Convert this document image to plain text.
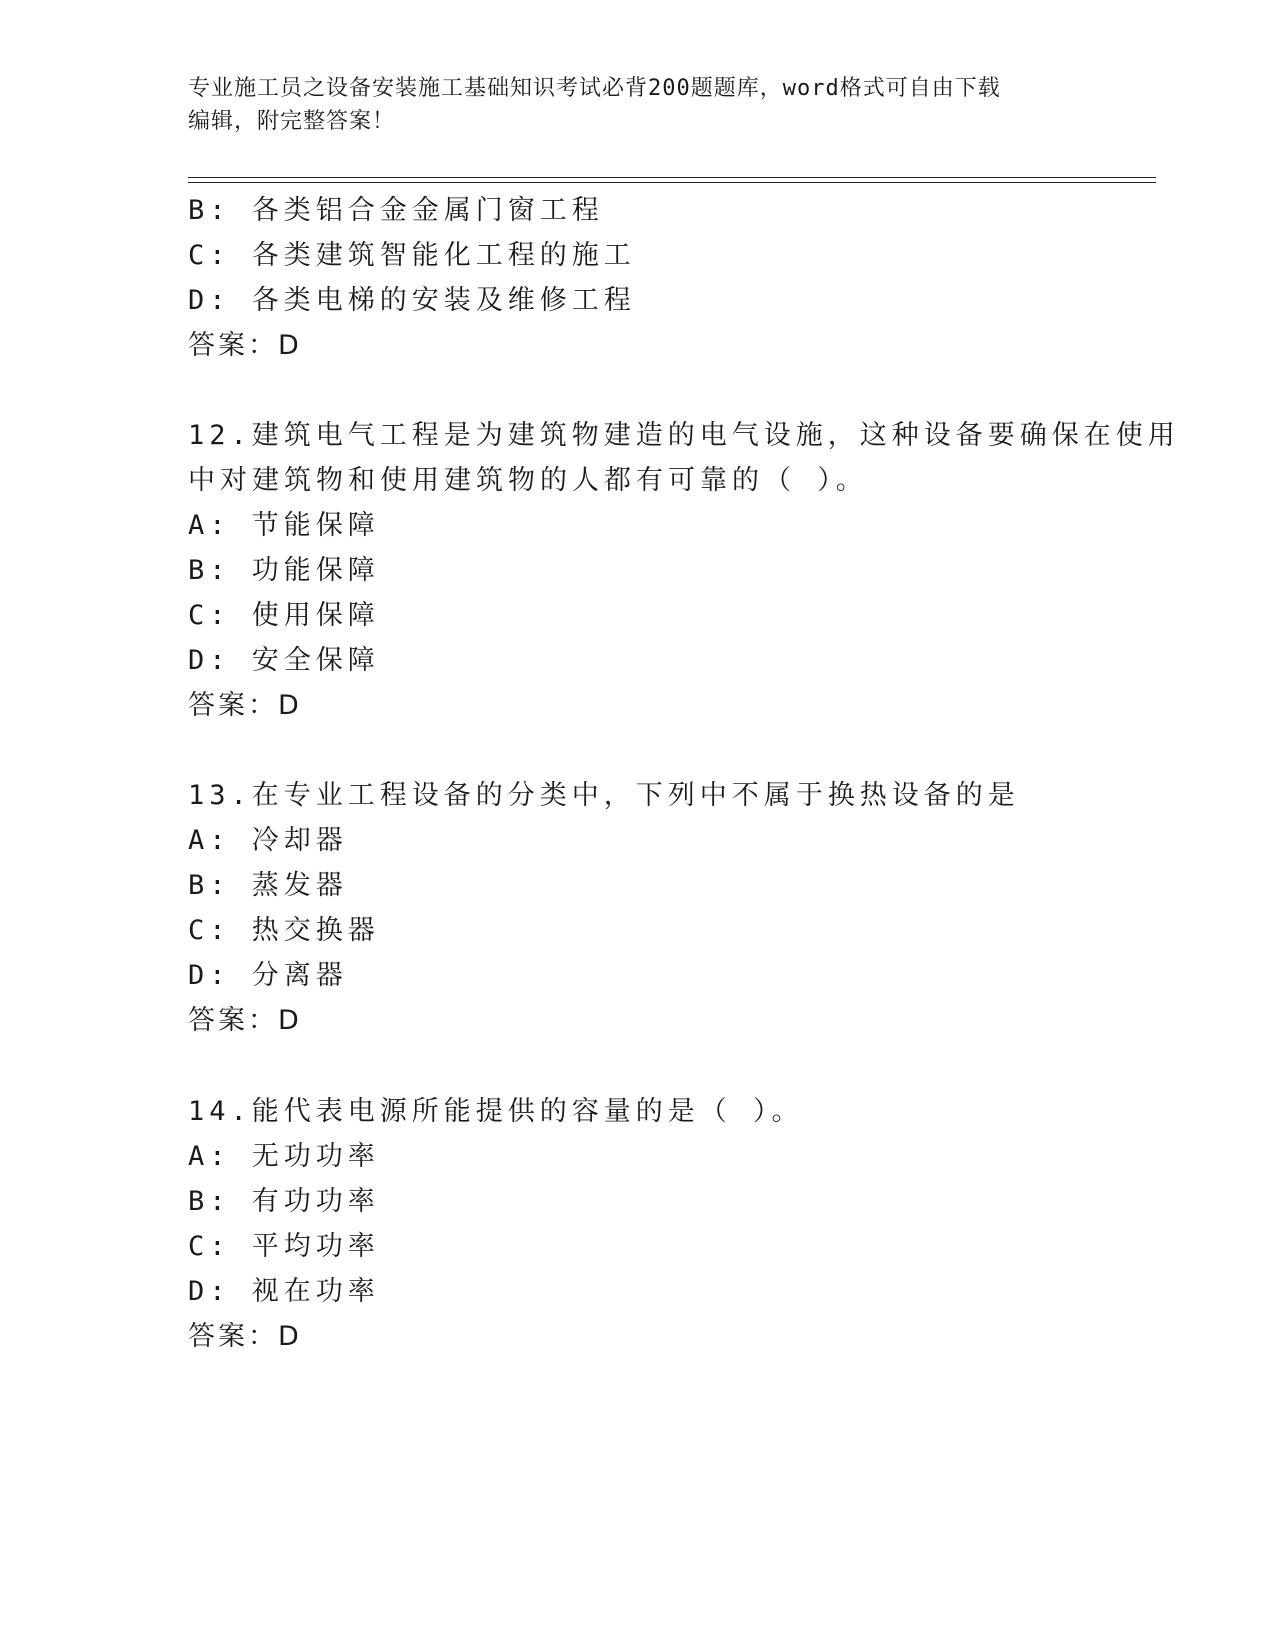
专业施工员之设备安装施工基础知识考试必背200题题库，word格式可自由下载
编辑，附完整答案！
B: 各类铝合金金属门窗工程
C: 各类建筑智能化工程的施工
D: 各类电梯的安装及维修工程
答案：D
12.建筑电气工程是为建筑物建造的电气设施，这种设备要确保在使用
中对建筑物和使用建筑物的人都有可靠的（ ）。
A: 节能保障
B: 功能保障
C: 使用保障
D: 安全保障
答案：D
13.在专业工程设备的分类中，下列中不属于换热设备的是
A: 冷却器
B: 蒸发器
C: 热交换器
D: 分离器
答案：D
14.能代表电源所能提供的容量的是（ ）。
A: 无功功率
B: 有功功率
C: 平均功率
D: 视在功率
答案：D
